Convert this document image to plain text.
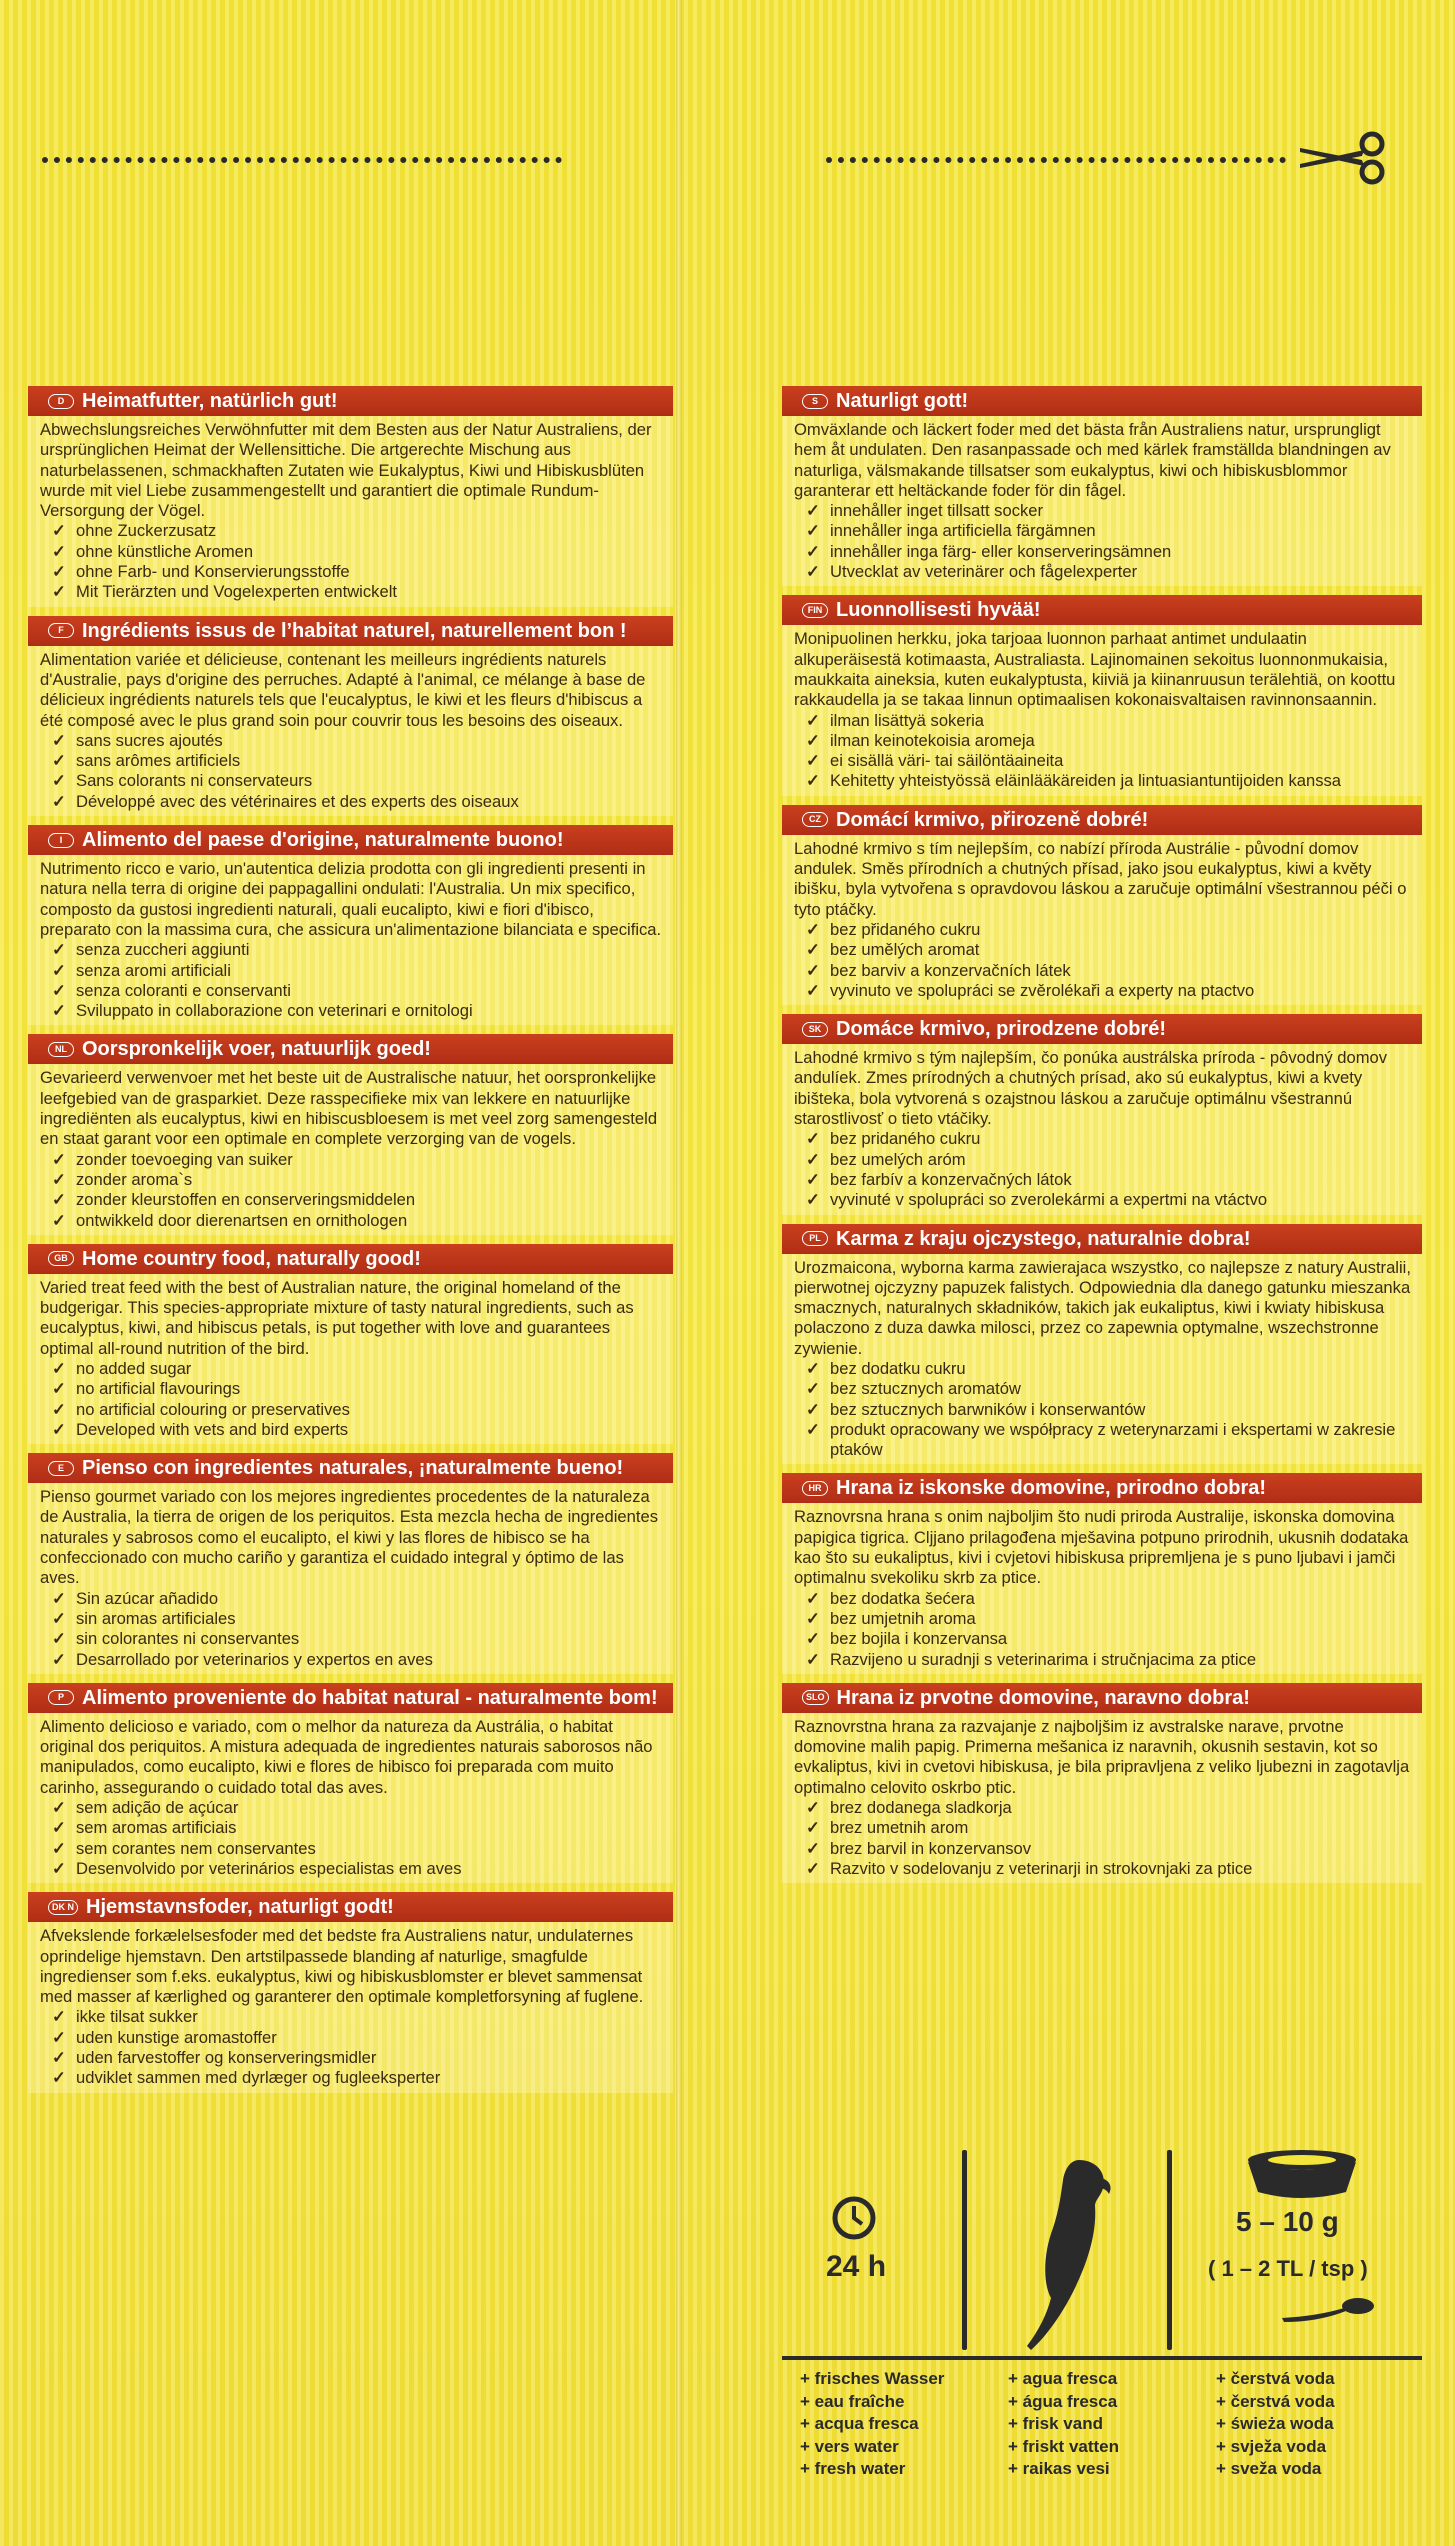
D Heimatfutter, natürlich gut!

Abwechslungsreiches Verwöhnfutter mit dem Besten aus der Natur Australiens, der ursprünglichen Heimat der Wellensittiche. Die artgerechte Mischung aus naturbelassenen, schmackhaften Zutaten wie Eukalyptus, Kiwi und Hibiskusblüten wurde mit viel Liebe zusammengestellt und garantiert die optimale Rundum-Versorgung der Vögel.

✓ ohne Zuckerzusatz
✓ ohne künstliche Aromen
✓ ohne Farb- und Konservierungsstoffe
✓ Mit Tierärzten und Vogelexperten entwickelt
F Ingrédients issus de l’habitat naturel, naturellement bon !

Alimentation variée et délicieuse, contenant les meilleurs ingrédients naturels d'Australie, pays d'origine des perruches. Adapté à l'animal, ce mélange à base de délicieux ingrédients naturels tels que l'eucalyptus, le kiwi et les fleurs d'hibiscus a été composé avec le plus grand soin pour couvrir tous les besoins des oiseaux.

✓ sans sucres ajoutés
✓ sans arômes artificiels
✓ Sans colorants ni conservateurs
✓ Développé avec des vétérinaires et des experts des oiseaux
I Alimento del paese d'origine, naturalmente buono!

Nutrimento ricco e vario, un'autentica delizia prodotta con gli ingredienti presenti in natura nella terra di origine dei pappagallini ondulati: l'Australia. Un mix specifico, composto da gustosi ingredienti naturali, quali eucalipto, kiwi e fiori d'ibisco, preparato con la massima cura, che assicura un'alimentazione bilanciata e specifica.

✓ senza zuccheri aggiunti
✓ senza aromi artificiali
✓ senza coloranti e conservanti
✓ Sviluppato in collaborazione con veterinari e ornitologi
NL Oorspronkelijk voer, natuurlijk goed!

Gevarieerd verwenvoer met het beste uit de Australische natuur, het oorspronkelijke leefgebied van de grasparkiet. Deze rasspecifieke mix van lekkere en natuurlijke ingrediënten als eucalyptus, kiwi en hibiscusbloesem is met veel zorg samengesteld en staat garant voor een optimale en complete verzorging van de vogels.

✓ zonder toevoeging van suiker
✓ zonder aroma`s
✓ zonder kleurstoffen en conserveringsmiddelen
✓ ontwikkeld door dierenartsen en ornithologen
GB Home country food, naturally good!

Varied treat feed with the best of Australian nature, the original homeland of the budgerigar. This species-appropriate mixture of tasty natural ingredients, such as eucalyptus, kiwi, and hibiscus petals, is put together with love and guarantees optimal all-round nutrition of the bird.

✓ no added sugar
✓ no artificial flavourings
✓ no artificial colouring or preservatives
✓ Developed with vets and bird experts
E Pienso con ingredientes naturales, ¡naturalmente bueno!

Pienso gourmet variado con los mejores ingredientes procedentes de la naturaleza de Australia, la tierra de origen de los periquitos. Esta mezcla hecha de ingredientes naturales y sabrosos como el eucalipto, el kiwi y las flores de hibisco se ha confeccionado con mucho cariño y garantiza el cuidado integral y óptimo de las aves.

✓ Sin azúcar añadido
✓ sin aromas artificiales
✓ sin colorantes ni conservantes
✓ Desarrollado por veterinarios y expertos en aves
P Alimento proveniente do habitat natural - naturalmente bom!

Alimento delicioso e variado, com o melhor da natureza da Austrália, o habitat original dos periquitos. A mistura adequada de ingredientes naturais saborosos não manipulados, como eucalipto, kiwi e flores de hibisco foi preparada com muito carinho, assegurando o cuidado total das aves.

✓ sem adição de açúcar
✓ sem aromas artificiais
✓ sem corantes nem conservantes
✓ Desenvolvido por veterinários especialistas em aves
DK N Hjemstavnsfoder, naturligt godt!

Afvekslende forkælelsesfoder med det bedste fra Australiens natur, undulaternes oprindelige hjemstavn. Den artstilpassede blanding af naturlige, smagfulde ingredienser som f.eks. eukalyptus, kiwi og hibiskusblomster er blevet sammensat med masser af kærlighed og garanterer den optimale kompletforsyning af fuglene.

✓ ikke tilsat sukker
✓ uden kunstige aromastoffer
✓ uden farvestoffer og konserveringsmidler
✓ udviklet sammen med dyrlæger og fugleeksperter
S Naturligt gott!

Omväxlande och läckert foder med det bästa från Australiens natur, ursprungligt hem åt undulaten. Den rasanpassade och med kärlek framställda blandningen av naturliga, välsmakande tillsatser som eukalyptus, kiwi och hibiskusblommor garanterar ett heltäckande foder för din fågel.

✓ innehåller inget tillsatt socker
✓ innehåller inga artificiella färgämnen
✓ innehåller inga färg- eller konserveringsämnen
✓ Utvecklat av veterinärer och fågelexperter
FIN Luonnollisesti hyvää!

Monipuolinen herkku, joka tarjoaa luonnon parhaat antimet undulaatin alkuperäisestä kotimaasta, Australiasta. Lajinomainen sekoitus luonnonmukaisia, maukkaita aineksia, kuten eukalyptusta, kiiviä ja kiinanruusun terälehtiä, on koottu rakkaudella ja se takaa linnun optimaalisen kokonaisvaltaisen ravinnonsaannin.

✓ ilman lisättyä sokeria
✓ ilman keinotekoisia aromeja
✓ ei sisällä väri- tai säilöntäaineita
✓ Kehitetty yhteistyössä eläinlääkäreiden ja lintuasiantuntijoiden kanssa
CZ Domácí krmivo, přirozeně dobré!

Lahodné krmivo s tím nejlepším, co nabízí příroda Austrálie - původní domov andulek. Směs přírodních a chutných přísad, jako jsou eukalyptus, kiwi a květy ibišku, byla vytvořena s opravdovou láskou a zaručuje optimální všestrannou péči o tyto ptáčky.

✓ bez přidaného cukru
✓ bez umělých aromat
✓ bez barviv a konzervačních látek
✓ vyvinuto ve spolupráci se zvěrolékaři a experty na ptactvo
SK Domáce krmivo, prirodzene dobré!

Lahodné krmivo s tým najlepším, čo ponúka austrálska príroda - pôvodný domov andulíek. Zmes prírodných a chutných prísad, ako sú eukalyptus, kiwi a kvety ibišteka, bola vytvorená s ozajstnou láskou a zaručuje optimálnu všestrannú starostlivosť o tieto vtáčiky.

✓ bez pridaného cukru
✓ bez umelých aróm
✓ bez farbív a konzervačných látok
✓ vyvinuté v spolupráci so zverolekármi a expertmi na vtáctvo
PL Karma z kraju ojczystego, naturalnie dobra!

Urozmaicona, wyborna karma zawierajaca wszystko, co najlepsze z natury Australii, pierwotnej ojczyzny papuzek falistych. Odpowiednia dla danego gatunku mieszanka smacznych, naturalnych składników, takich jak eukaliptus, kiwi i kwiaty hibiskusa polaczono z duza dawka milosci, przez co zapewnia optymalne, wszechstronne zywienie.

✓ bez dodatku cukru
✓ bez sztucznych aromatów
✓ bez sztucznych barwników i konserwantów
✓ produkt opracowany we współpracy z weterynarzami i ekspertami w zakresie ptaków
HR Hrana iz iskonske domovine, prirodno dobra!

Raznovrsna hrana s onim najboljim što nudi priroda Australije, iskonska domovina papigica tigrica. Cljjano prilagođena mješavina potpuno prirodnih, ukusnih dodataka kao što su eukaliptus, kivi i cvjetovi hibiskusa pripremljena je s puno ljubavi i jamči optimalnu svekoliku skrb za ptice.

✓ bez dodatka šećera
✓ bez umjetnih aroma
✓ bez bojila i konzervansa
✓ Razvijeno u suradnji s veterinarima i stručnjacima za ptice
SLO Hrana iz prvotne domovine, naravno dobra!

Raznovrstna hrana za razvajanje z najboljšim iz avstralske narave, prvotne domovine malih papig. Primerna mešanica iz naravnih, okusnih sestavin, kot so evkaliptus, kivi in cvetovi hibiskusa, je bila pripravljena z veliko ljubezni in zagotavlja optimalno celovito oskrbo ptic.

✓ brez dodanega sladkorja
✓ brez umetnih arom
✓ brez barvil in konzervansov
✓ Razvito v sodelovanju z veterinarji in strokovnjaki za ptice
24 h
5 – 10 g
( 1 – 2 TL / tsp )
+ frisches Wasser
+ eau fraîche
+ acqua fresca
+ vers water
+ fresh water
+ agua fresca
+ água fresca
+ frisk vand
+ friskt vatten
+ raikas vesi
+ čerstvá voda
+ čerstvá voda
+ świeża woda
+ svježa voda
+ sveža voda
